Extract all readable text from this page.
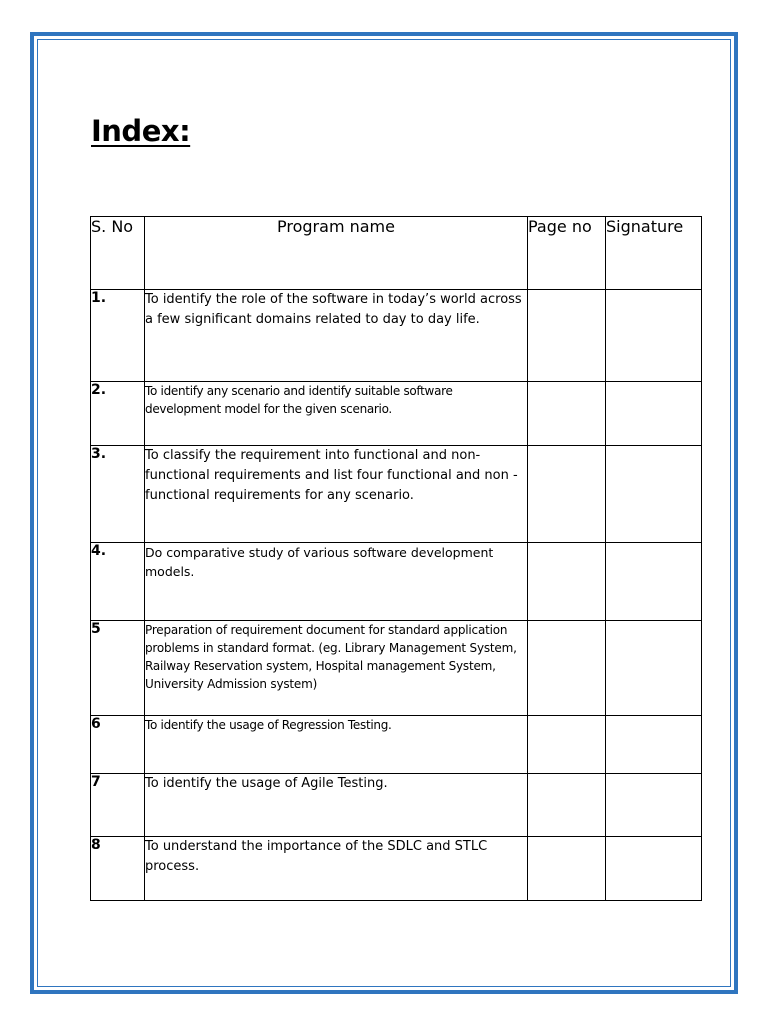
Index:
S. No	Program name	Page no	Signature
1.	To identify the role of the software in today’s world across a few significant domains related to day to day life.		
2.	To identify any scenario and identify suitable software development model for the given scenario.		
3.	To classify the requirement into functional and non-functional requirements and list four functional and non -functional requirements for any scenario.		
4.	Do comparative study of various software development models.		
5	Preparation of requirement document for standard application problems in standard format. (eg. Library Management System, Railway Reservation system, Hospital management System, University Admission system)		
6	To identify the usage of Regression Testing.		
7	To identify the usage of Agile Testing.		
8	To understand the importance of the SDLC and STLC process.		
